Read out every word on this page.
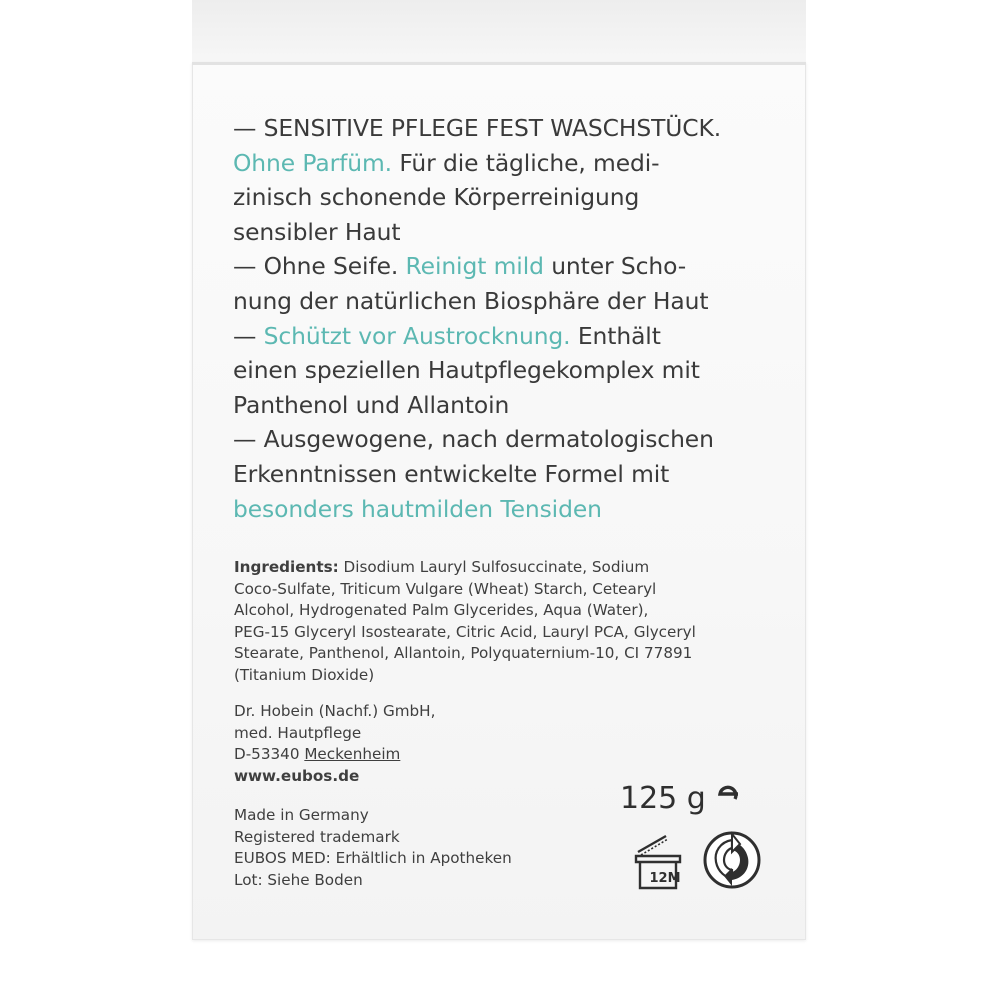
— SENSITIVE PFLEGE FEST WASCHSTÜCK.
Ohne Parfüm. Für die tägliche, medi-
zinisch schonende Körperreinigung
sensibler Haut
— Ohne Seife. Reinigt mild unter Scho-
nung der natürlichen Biosphäre der Haut
— Schützt vor Austrocknung. Enthält
einen speziellen Hautpflegekomplex mit
Panthenol und Allantoin
— Ausgewogene, nach dermatologischen
Erkenntnissen entwickelte Formel mit
besonders hautmilden Tensiden
Ingredients: Disodium Lauryl Sulfosuccinate, Sodium
Coco-Sulfate, Triticum Vulgare (Wheat) Starch, Cetearyl
Alcohol, Hydrogenated Palm Glycerides, Aqua (Water),
PEG-15 Glyceryl Isostearate, Citric Acid, Lauryl PCA, Glyceryl
Stearate, Panthenol, Allantoin, Polyquaternium-10, CI 77891
(Titanium Dioxide)
Dr. Hobein (Nachf.) GmbH,
med. Hautpflege
D-53340 Meckenheim
www.eubos.de
Made in Germany
Registered trademark
EUBOS MED: Erhältlich in Apotheken
Lot: Siehe Boden
125 g
12M
